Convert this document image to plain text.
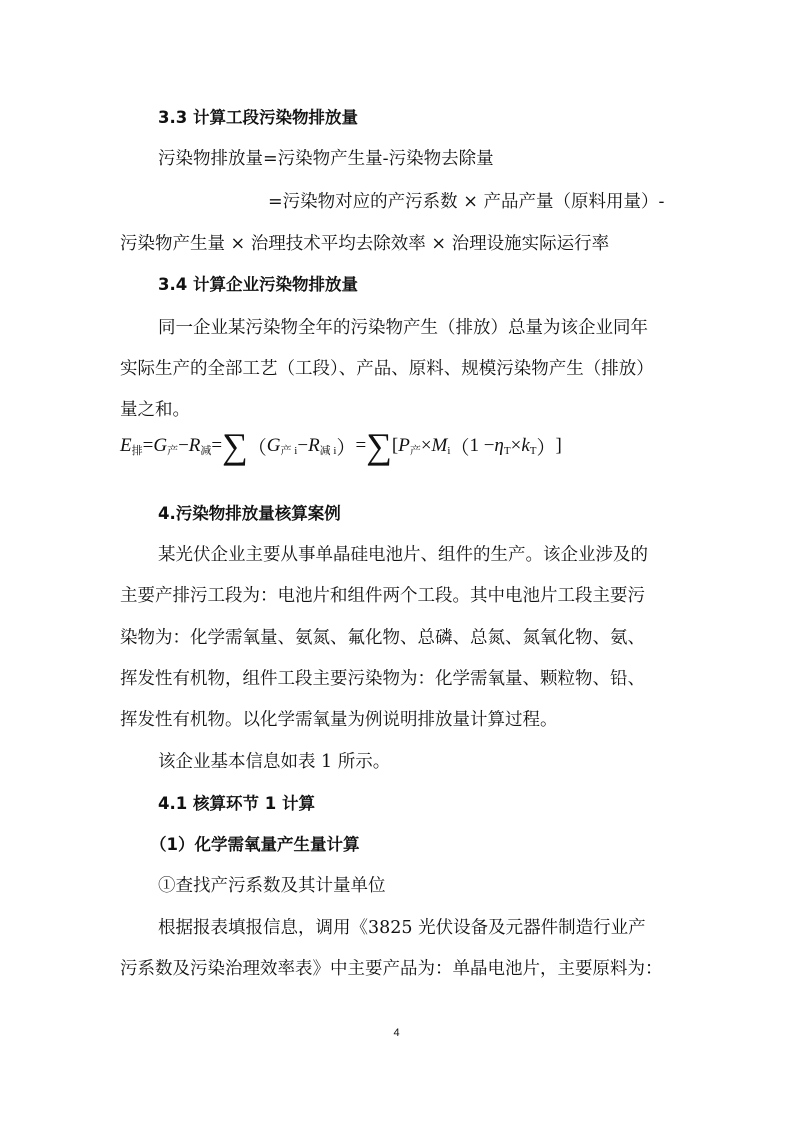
3.3 计算工段污染物排放量
污染物排放量=污染物产生量-污染物去除量
=污染物对应的产污系数 × 产品产量（原料用量）-
污染物产生量 × 治理技术平均去除效率 × 治理设施实际运行率
3.4 计算企业污染物排放量
同一企业某污染物全年的污染物产生（排放）总量为该企业同年
实际生产的全部工艺（工段）、产品、原料、规模污染物产生（排放）
量之和。
4.污染物排放量核算案例
某光伏企业主要从事单晶硅电池片、组件的生产。该企业涉及的
主要产排污工段为：电池片和组件两个工段。其中电池片工段主要污
染物为：化学需氧量、氨氮、氟化物、总磷、总氮、氮氧化物、氨、
挥发性有机物，组件工段主要污染物为：化学需氧量、颗粒物、铅、
挥发性有机物。以化学需氧量为例说明排放量计算过程。
该企业基本信息如表 1 所示。
4.1 核算环节 1 计算
（1）化学需氧量产生量计算
①查找产污系数及其计量单位
根据报表填报信息，调用《3825 光伏设备及元器件制造行业产
污系数及污染治理效率表》中主要产品为：单晶电池片，主要原料为：
E排=G产−R减=∑（G产 i−R减 i）=∑[P产×Mi（1 −ηT×kT）]
4
